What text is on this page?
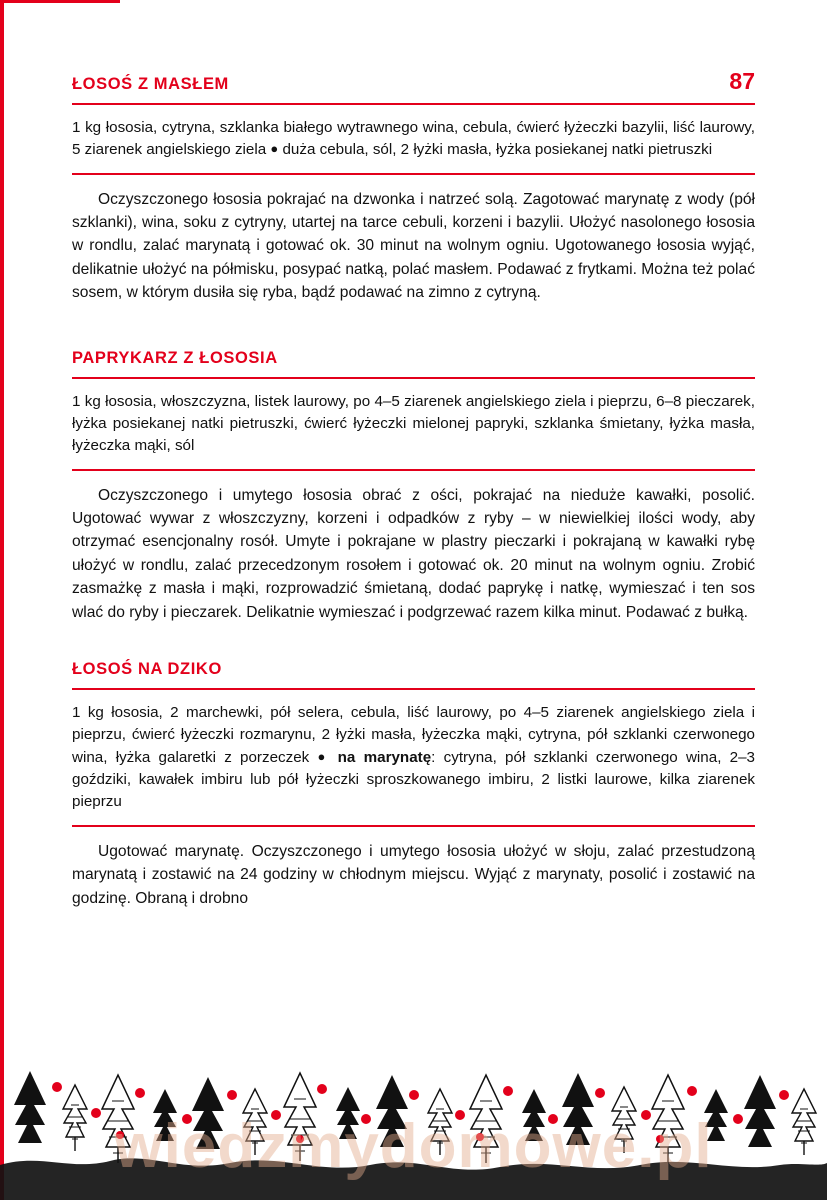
ŁOSOŚ Z MASŁEM	87

1 kg łososia, cytryna, szklanka białego wytrawnego wina, cebula, ćwierć łyżeczki bazylii, liść laurowy, 5 ziarenek angielskiego ziela ● duża cebula, sól, 2 łyżki masła, łyżka posiekanej natki pietruszki

Oczyszczonego łososia pokrajać na dzwonka i natrzeć solą. Zagotować marynatę z wody (pół szklanki), wina, soku z cytryny, utartej na tarce cebuli, korzeni i bazylii. Ułożyć nasolonego łososia w rondlu, zalać marynatą i gotować ok. 30 minut na wolnym ogniu. Ugotowanego łososia wyjąć, delikatnie ułożyć na półmisku, posypać natką, polać masłem. Podawać z frytkami. Można też polać sosem, w którym dusiła się ryba, bądź podawać na zimno z cytryną.

PAPRYKARZ Z ŁOSOSIA

1 kg łososia, włoszczyzna, listek laurowy, po 4–5 ziarenek angielskiego ziela i pieprzu, 6–8 pieczarek, łyżka posiekanej natki pietruszki, ćwierć łyżeczki mielonej papryki, szklanka śmietany, łyżka masła, łyżeczka mąki, sól

Oczyszczonego i umytego łososia obrać z ości, pokrajać na nieduże kawałki, posolić. Ugotować wywar z włoszczyzny, korzeni i odpadków z ryby – w niewielkiej ilości wody, aby otrzymać esencjonalny rosół. Umyte i pokrajane w plastry pieczarki i pokrajaną w kawałki rybę ułożyć w rondlu, zalać przecedzonym rosołem i gotować ok. 20 minut na wolnym ogniu. Zrobić zasmażkę z masła i mąki, rozprowadzić śmietaną, dodać paprykę i natkę, wymieszać i ten sos wlać do ryby i pieczarek. Delikatnie wymieszać i podgrzewać razem kilka minut. Podawać z bułką.

ŁOSOŚ NA DZIKO

1 kg łososia, 2 marchewki, pół selera, cebula, liść laurowy, po 4–5 ziarenek angielskiego ziela i pieprzu, ćwierć łyżeczki rozmarynu, 2 łyżki masła, łyżeczka mąki, cytryna, pół szklanki czerwonego wina, łyżka galaretki z porzeczek ● na marynatę: cytryna, pół szklanki czerwonego wina, 2–3 goździki, kawałek imbiru lub pół łyżeczki sproszkowanego imbiru, 2 listki laurowe, kilka ziarenek pieprzu

Ugotować marynatę. Oczyszczonego i umytego łososia ułożyć w słoju, zalać przestudzoną marynatą i zostawić na 24 godziny w chłodnym miejscu. Wyjąć z marynaty, posolić i zostawić na godzinę. Obraną i drobno

wiedzmydomowe.pl
